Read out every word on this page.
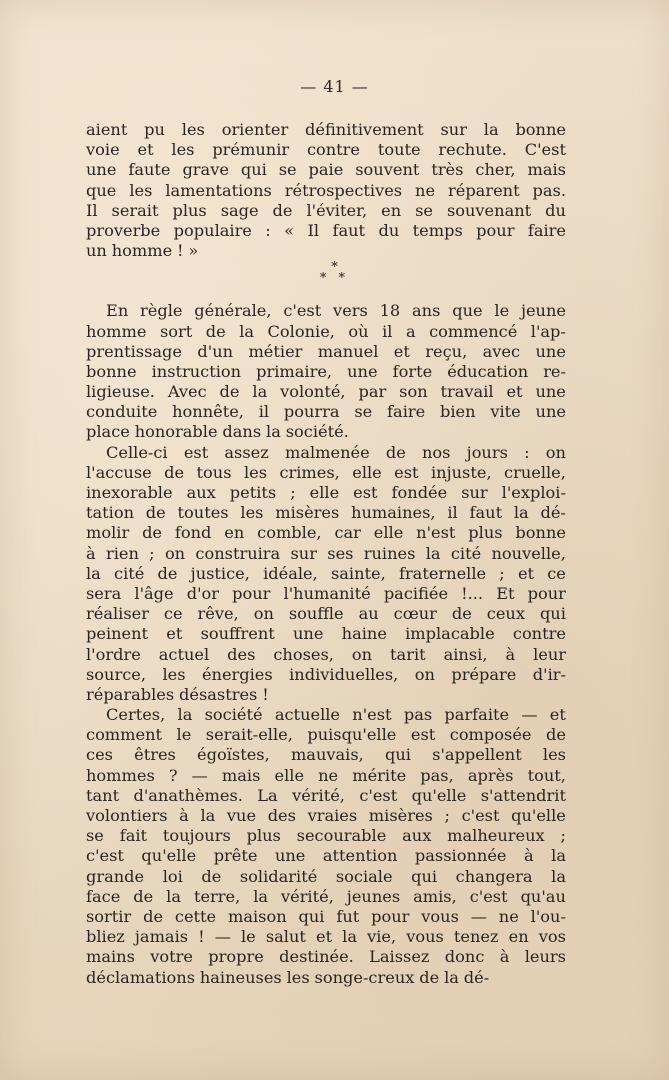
— 41 —
*
* *
aient pu les orienter définitivement sur la bonne
voie et les prémunir contre toute rechute. C'est
une faute grave qui se paie souvent très cher, mais
que les lamentations rétrospectives ne réparent pas.
Il serait plus sage de l'éviter, en se souvenant du
proverbe populaire : « Il faut du temps pour faire
un homme ! »
En règle générale, c'est vers 18 ans que le jeune
homme sort de la Colonie, où il a commencé l'ap-
prentissage d'un métier manuel et reçu, avec une
bonne instruction primaire, une forte éducation re-
ligieuse. Avec de la volonté, par son travail et une
conduite honnête, il pourra se faire bien vite une
place honorable dans la société.
Celle-ci est assez malmenée de nos jours : on
l'accuse de tous les crimes, elle est injuste, cruelle,
inexorable aux petits ; elle est fondée sur l'exploi-
tation de toutes les misères humaines, il faut la dé-
molir de fond en comble, car elle n'est plus bonne
à rien ; on construira sur ses ruines la cité nouvelle,
la cité de justice, idéale, sainte, fraternelle ; et ce
sera l'âge d'or pour l'humanité pacifiée !... Et pour
réaliser ce rêve, on souffle au cœur de ceux qui
peinent et souffrent une haine implacable contre
l'ordre actuel des choses, on tarit ainsi, à leur
source, les énergies individuelles, on prépare d'ir-
réparables désastres !
Certes, la société actuelle n'est pas parfaite — et
comment le serait-elle, puisqu'elle est composée de
ces êtres égoïstes, mauvais, qui s'appellent les
hommes ? — mais elle ne mérite pas, après tout,
tant d'anathèmes. La vérité, c'est qu'elle s'attendrit
volontiers à la vue des vraies misères ; c'est qu'elle
se fait toujours plus secourable aux malheureux ;
c'est qu'elle prête une attention passionnée à la
grande loi de solidarité sociale qui changera la
face de la terre, la vérité, jeunes amis, c'est qu'au
sortir de cette maison qui fut pour vous — ne l'ou-
bliez jamais ! — le salut et la vie, vous tenez en vos
mains votre propre destinée. Laissez donc à leurs
déclamations haineuses les songe-creux de la dé-
